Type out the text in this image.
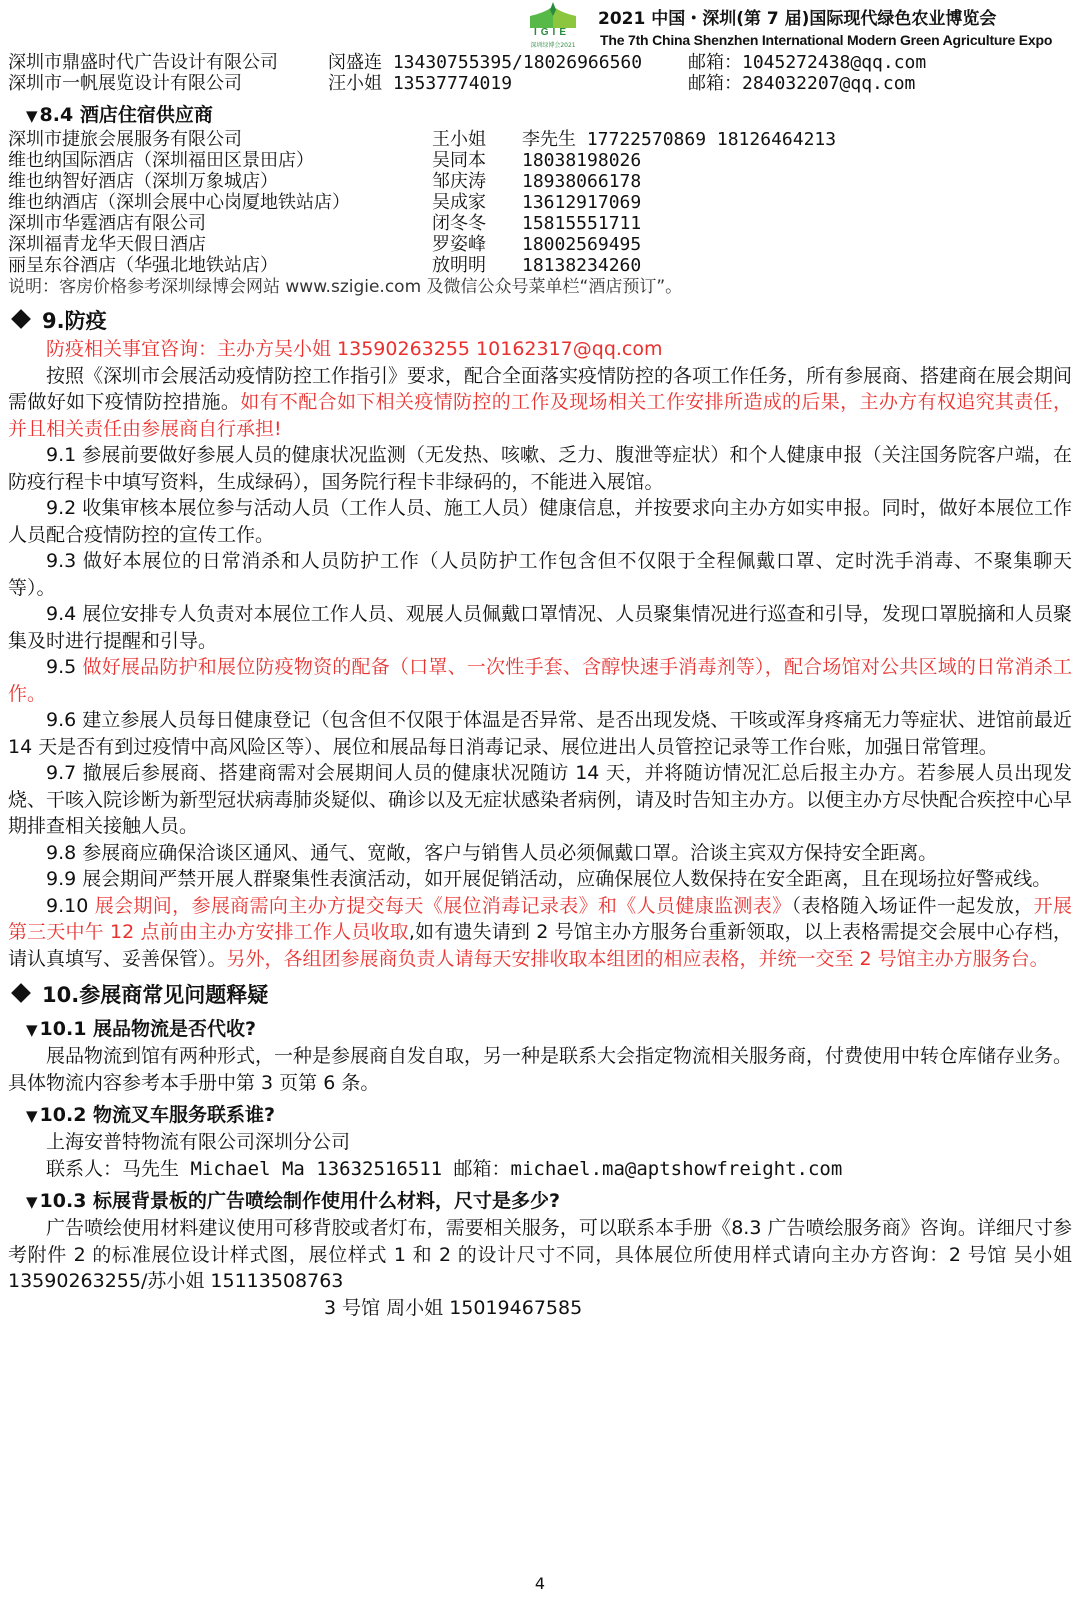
IGIE
深圳绿博会2021
2021 中国・深圳(第 7 届)国际现代绿色农业博览会
The 7th China Shenzhen International Modern Green Agriculture Expo
深圳市鼎盛时代广告设计有限公司	闵盛连 13430755395/18026966560	邮箱：1045272438@qq.com
深圳市一帆展览设计有限公司	汪小姐 13537774019	邮箱：284032207@qq.com
▼ 8.4 酒店住宿供应商
深圳市捷旅会展服务有限公司	王小姐	李先生 17722570869 18126464213
维也纳国际酒店（深圳福田区景田店）	吴同本	18038198026
维也纳智好酒店（深圳万象城店）	邹庆涛	18938066178
维也纳酒店（深圳会展中心岗厦地铁站店）	吴成家	13612917069
深圳市华霆酒店有限公司	闭冬冬	15815551711
深圳福青龙华天假日酒店	罗姿峰	18002569495
丽呈东谷酒店（华强北地铁站店）	放明明	18138234260
说明：客房价格参考深圳绿博会网站 www.szigie.com 及微信公众号菜单栏“酒店预订”。
9.防疫
防疫相关事宜咨询：主办方吴小姐 13590263255 10162317@qq.com
按照《深圳市会展活动疫情防控工作指引》要求，配合全面落实疫情防控的各项工作任务，所有参展商、搭建商在展会期间需做好如下疫情防控措施。如有不配合如下相关疫情防控的工作及现场相关工作安排所造成的后果，主办方有权追究其责任，并且相关责任由参展商自行承担!
9.1 参展前要做好参展人员的健康状况监测（无发热、咳嗽、乏力、腹泄等症状）和个人健康申报（关注国务院客户端，在防疫行程卡中填写资料，生成绿码），国务院行程卡非绿码的，不能进入展馆。
9.2 收集审核本展位参与活动人员（工作人员、施工人员）健康信息，并按要求向主办方如实申报。同时，做好本展位工作人员配合疫情防控的宣传工作。
9.3 做好本展位的日常消杀和人员防护工作（人员防护工作包含但不仅限于全程佩戴口罩、定时洗手消毒、不聚集聊天等）。
9.4 展位安排专人负责对本展位工作人员、观展人员佩戴口罩情况、人员聚集情况进行巡查和引导，发现口罩脱摘和人员聚集及时进行提醒和引导。
9.5 做好展品防护和展位防疫物资的配备（口罩、一次性手套、含醇快速手消毒剂等），配合场馆对公共区域的日常消杀工作。
9.6 建立参展人员每日健康登记（包含但不仅限于体温是否异常、是否出现发烧、干咳或浑身疼痛无力等症状、进馆前最近 14 天是否有到过疫情中高风险区等）、展位和展品每日消毒记录、展位进出人员管控记录等工作台账，加强日常管理。
9.7 撤展后参展商、搭建商需对会展期间人员的健康状况随访 14 天，并将随访情况汇总后报主办方。若参展人员出现发烧、干咳入院诊断为新型冠状病毒肺炎疑似、确诊以及无症状感染者病例，请及时告知主办方。以便主办方尽快配合疾控中心早期排查相关接触人员。
9.8 参展商应确保洽谈区通风、通气、宽敞，客户与销售人员必须佩戴口罩。洽谈主宾双方保持安全距离。
9.9 展会期间严禁开展人群聚集性表演活动，如开展促销活动，应确保展位人数保持在安全距离，且在现场拉好警戒线。
9.10 展会期间，参展商需向主办方提交每天《展位消毒记录表》和《人员健康监测表》（表格随入场证件一起发放，开展第三天中午 12 点前由主办方安排工作人员收取,如有遗失请到 2 号馆主办方服务台重新领取，以上表格需提交会展中心存档，请认真填写、妥善保管）。另外，各组团参展商负责人请每天安排收取本组团的相应表格，并统一交至 2 号馆主办方服务台。
10.参展商常见问题释疑
▼ 10.1 展品物流是否代收?
展品物流到馆有两种形式，一种是参展商自发自取，另一种是联系大会指定物流相关服务商，付费使用中转仓库储存业务。具体物流内容参考本手册中第 3 页第 6 条。
▼ 10.2 物流叉车服务联系谁?
上海安普特物流有限公司深圳分公司
联系人：马先生 Michael Ma 13632516511 邮箱：michael.ma@aptshowfreight.com
▼ 10.3 标展背景板的广告喷绘制作使用什么材料，尺寸是多少?
广告喷绘使用材料建议使用可移背胶或者灯布，需要相关服务，可以联系本手册《8.3 广告喷绘服务商》咨询。详细尺寸参考附件 2 的标准展位设计样式图，展位样式 1 和 2 的设计尺寸不同，具体展位所使用样式请向主办方咨询：2 号馆 吴小姐 13590263255/苏小姐 15113508763
3 号馆 周小姐 15019467585
4
